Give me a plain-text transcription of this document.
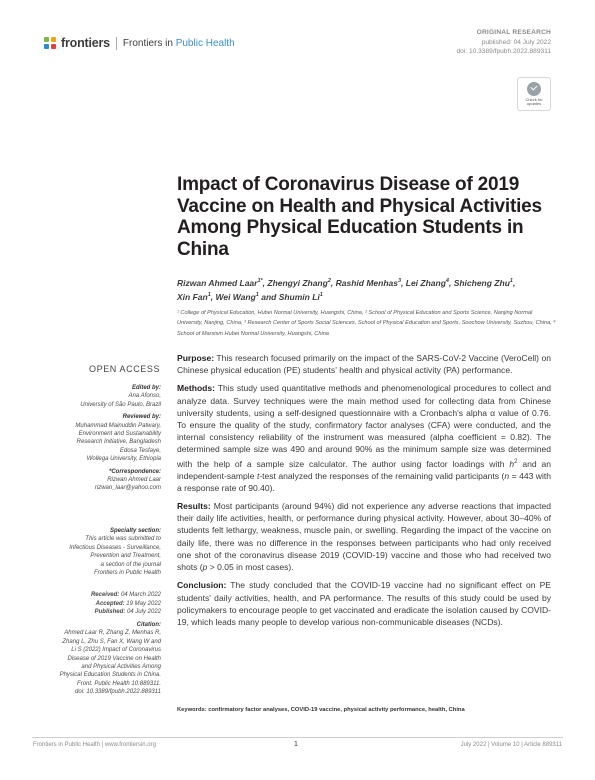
frontiers Frontiers in Public Health
ORIGINAL RESEARCH
published: 04 July 2022
doi: 10.3389/fpubh.2022.889311
Check for
updates
Impact of Coronavirus Disease of 2019 Vaccine on Health and Physical Activities Among Physical Education Students in China
Rizwan Ahmed Laar$^{1*}$, Zhengyi Zhang$^2$, Rashid Menhas$^3$, Lei Zhang$^4$, Shicheng Zhu$^1$,
Xin Fan$^1$, Wei Wang$^1$ and Shumin Li$^1$
¹ College of Physical Education, Hubei Normal University, Huangshi, China, ² School of Physical Education and Sports Science, Nanjing Normal University, Nanjing, China, ³ Research Center of Sports Social Sciences, School of Physical Education and Sports, Soochow University, Suzhou, China, ⁴ School of Marxism Hubei Normal University, Huangshi, China
OPEN ACCESS
Edited by:
Ana Afonso,
University of São Paulo, Brazil
Reviewed by:
Muhammad Mainuddin Patwary,
Environment and Sustainability
Research Initiative, Bangladesh
Edosa Tesfaye,
Wollega University, Ethiopia
*Correspondence:
Rizwan Ahmed Laar
rizwan_laar@yahoo.com
Specialty section:
This article was submitted to
Infectious Diseases - Surveillance,
Prevention and Treatment,
a section of the journal
Frontiers in Public Health
Received: 04 March 2022
Accepted: 19 May 2022
Published: 04 July 2022
Citation:
Ahmed Laar R, Zhang Z, Menhas R,
Zhang L, Zhu S, Fan X, Wang W and
Li S (2022) Impact of Coronavirus
Disease of 2019 Vaccine on Health
and Physical Activities Among
Physical Education Students in China.
Front. Public Health 10:889311.
doi: 10.3389/fpubh.2022.889311

Purpose: This research focused primarily on the impact of the SARS-CoV-2 Vaccine (VeroCell) on Chinese physical education (PE) students' health and physical activity (PA) performance.

Methods: This study used quantitative methods and phenomenological procedures to collect and analyze data. Survey techniques were the main method used for collecting data from Chinese university students, using a self-designed questionnaire with a Cronbach's alpha α value of 0.76. To ensure the quality of the study, confirmatory factor analyses (CFA) were conducted, and the internal consistency reliability of the instrument was measured (alpha coefficient = 0.82). The determined sample size was 490 and around 90% as the minimum sample size was determined with the help of a sample size calculator. The author using factor loadings with $h^2$ and an independent-sample t-test analyzed the responses of the remaining valid participants (n = 443 with a response rate of 90.40).

Results: Most participants (around 94%) did not experience any adverse reactions that impacted their daily life activities, health, or performance during physical activity. However, about 30–40% of students felt lethargy, weakness, muscle pain, or swelling. Regarding the impact of the vaccine on daily life, there was no difference in the responses between participants who had only received one shot of the coronavirus disease 2019 (COVID-19) vaccine and those who had received two shots (p > 0.05 in most cases).

Conclusion: The study concluded that the COVID-19 vaccine had no significant effect on PE students' daily activities, health, and PA performance. The results of this study could be used by policymakers to encourage people to get vaccinated and eradicate the isolation caused by COVID-19, which leads many people to develop various non-communicable diseases (NCDs).

Keywords: confirmatory factor analyses, COVID-19 vaccine, physical activity performance, health, China
Frontiers in Public Health | www.frontiersin.org	1	July 2022 | Volume 10 | Article 889311
